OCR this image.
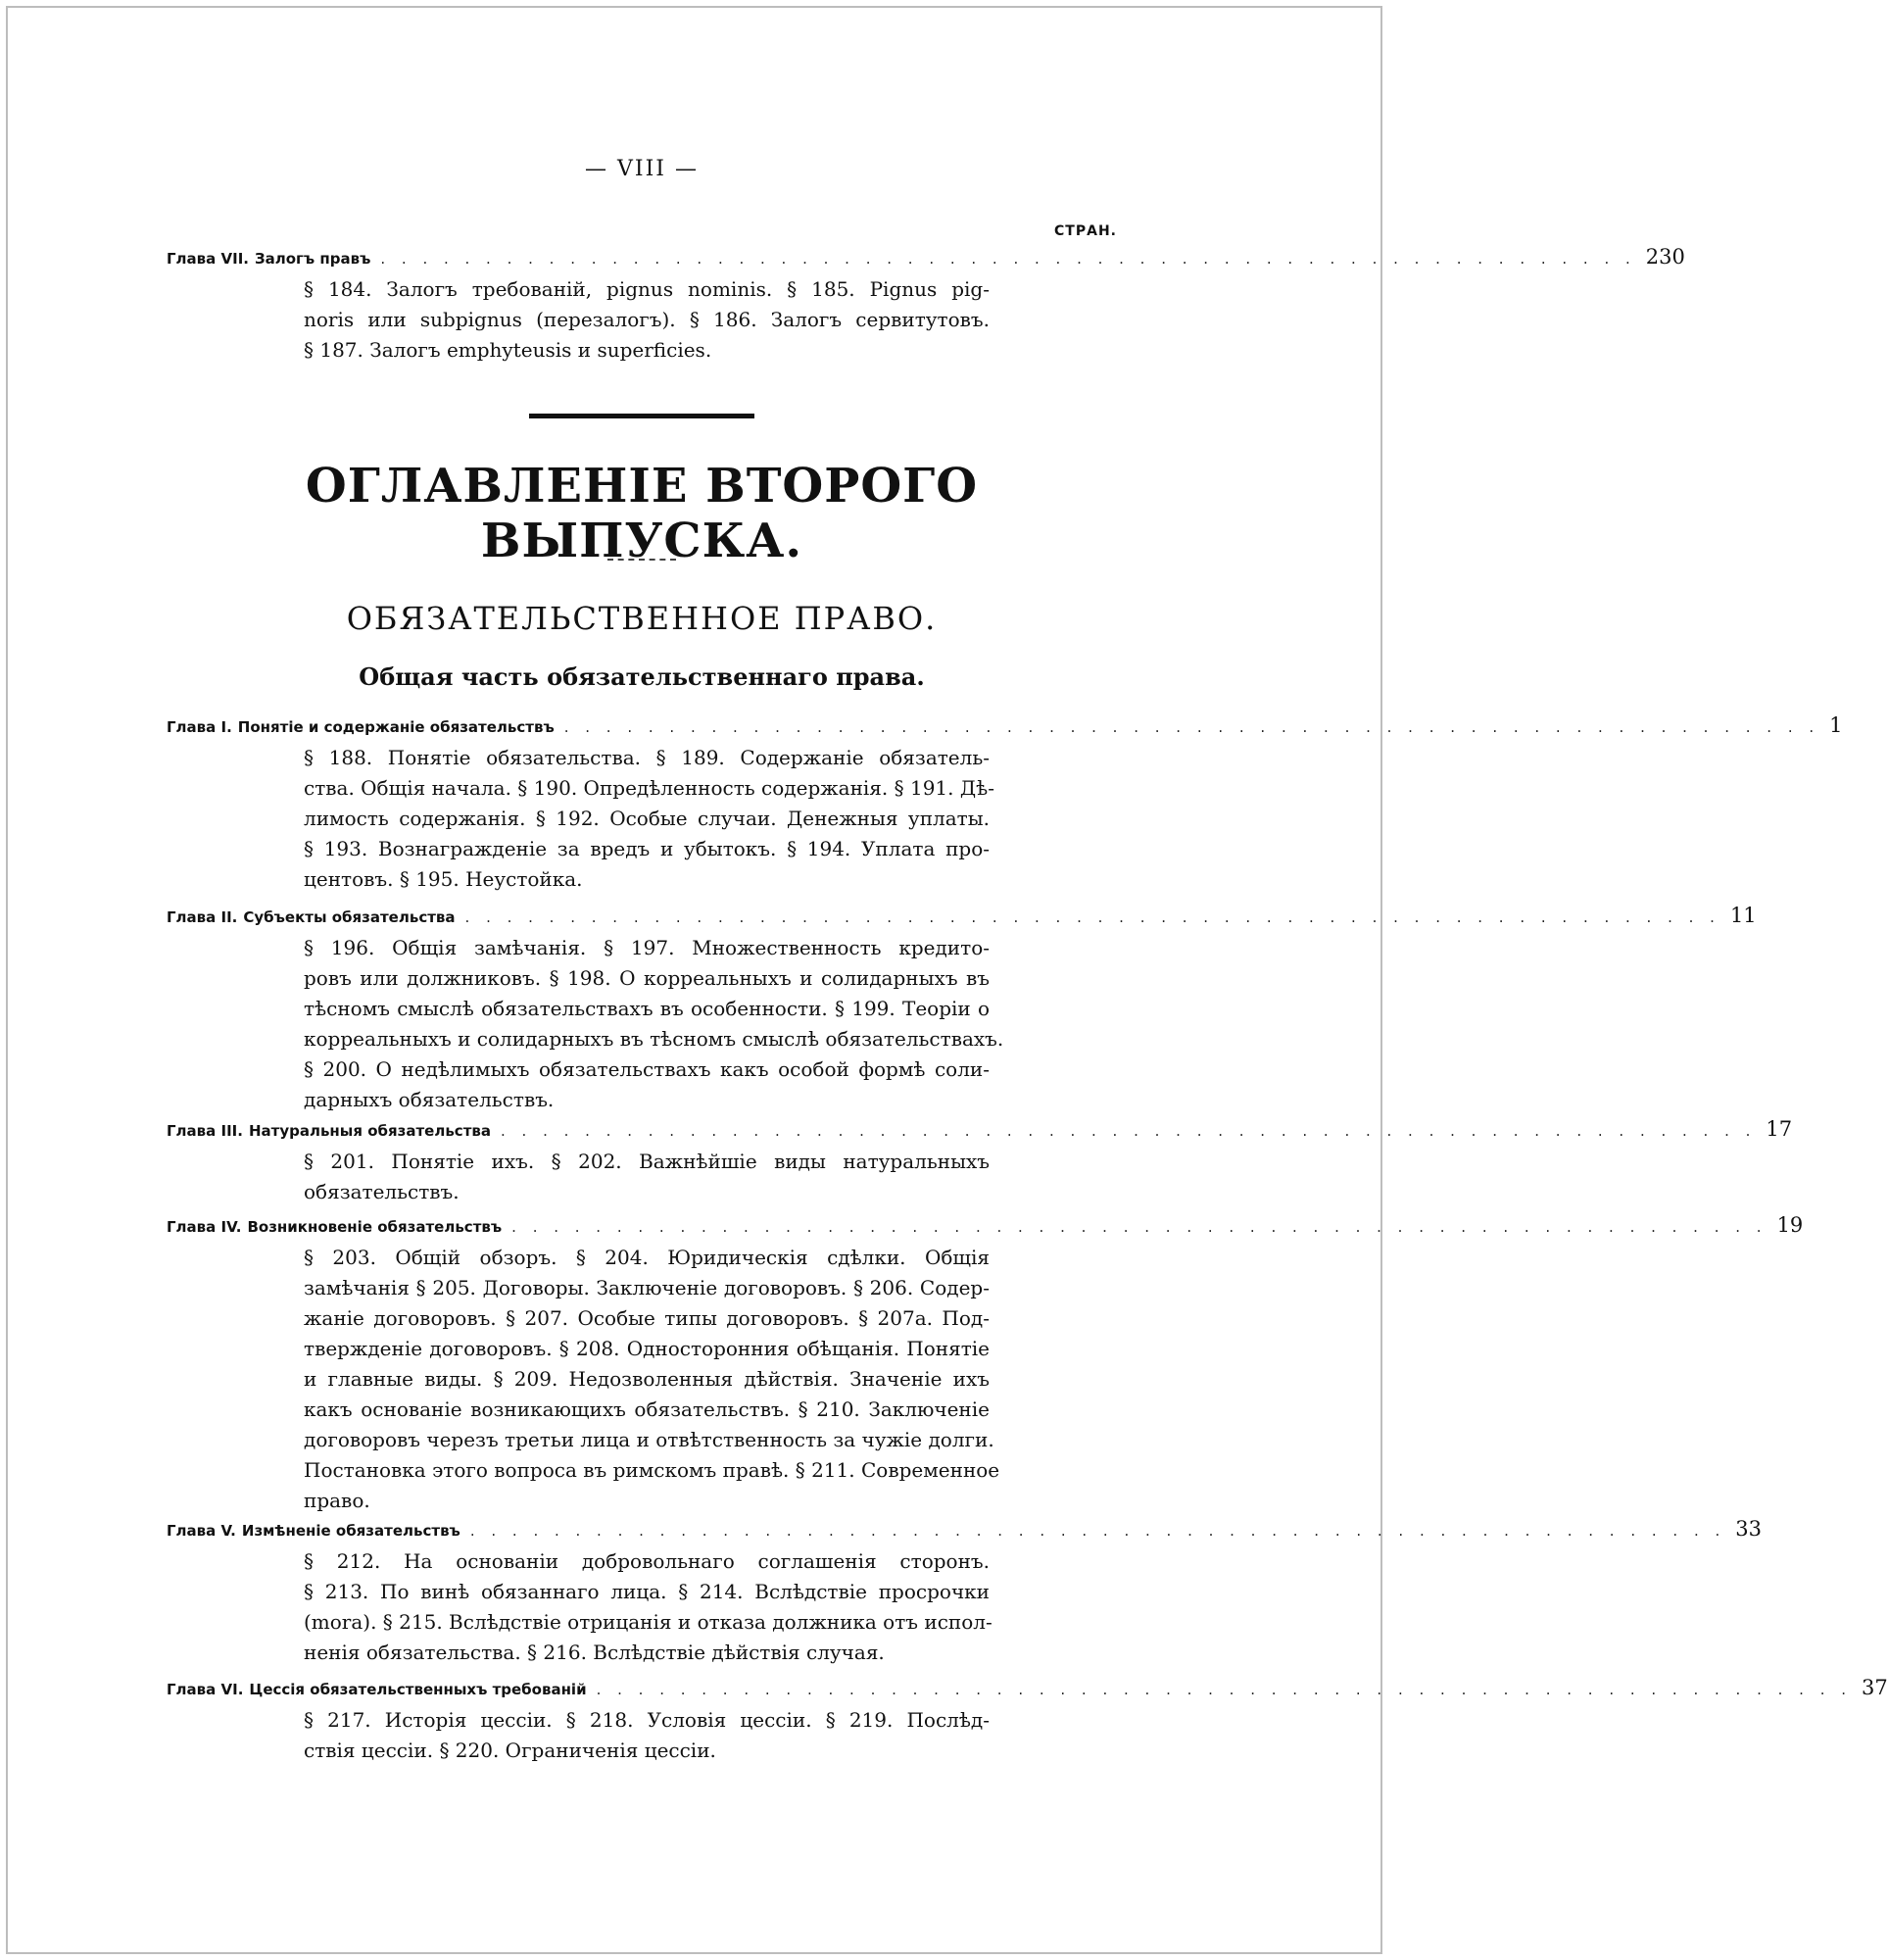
— VIII —
СТРАН.
Глава VII. Залогъ правъ . . . . . . . . . . . . . . . . . . . . . . . . . . . . . . . . . . . . . . . . . . . . . . . . . . . . . . . . . . . . 230
§ 184. Залогъ требованій, pignus nominis. § 185. Pignus pig-
noris или subpignus (перезалогъ). § 186. Залогъ сервитутовъ.
§ 187. Залогъ emphyteusis и superficies.
ОГЛАВЛЕНІЕ ВТОРОГО ВЫПУСКА.
ОБЯЗАТЕЛЬСТВЕННОЕ ПРАВО.
Общая часть обязательственнаго права.
Глава I. Понятіе и содержаніе обязательствъ . . . . . . . . . . . . . . . . . . . . . . . . . . . . . . . . . . . . . . . . . . . . . . . . . . . . . . . . . . . . 1
§ 188. Понятіе обязательства. § 189. Содержаніе обязатель-
ства. Общія начала. § 190. Опредѣленность содержанія. § 191. Дѣ-
лимость содержанія. § 192. Особые случаи. Денежныя уплаты.
§ 193. Вознагражденіе за вредъ и убытокъ. § 194. Уплата про-
центовъ. § 195. Неустойка.
Глава II. Субъекты обязательства . . . . . . . . . . . . . . . . . . . . . . . . . . . . . . . . . . . . . . . . . . . . . . . . . . . . . . . . . . . . 11
§ 196. Общія замѣчанія. § 197. Множественность кредито-
ровъ или должниковъ. § 198. О корреальныхъ и солидарныхъ въ
тѣсномъ смыслѣ обязательствахъ въ особенности. § 199. Теоріи о
корреальныхъ и солидарныхъ въ тѣсномъ смыслѣ обязательствахъ.
§ 200. О недѣлимыхъ обязательствахъ какъ особой формѣ соли-
дарныхъ обязательствъ.
Глава III. Натуральныя обязательства . . . . . . . . . . . . . . . . . . . . . . . . . . . . . . . . . . . . . . . . . . . . . . . . . . . . . . . . . . . . 17
§ 201. Понятіе ихъ. § 202. Важнѣйшіе виды натуральныхъ
обязательствъ.
Глава IV. Возникновеніе обязательствъ . . . . . . . . . . . . . . . . . . . . . . . . . . . . . . . . . . . . . . . . . . . . . . . . . . . . . . . . . . . . 19
§ 203. Общій обзоръ. § 204. Юридическія сдѣлки. Общія
замѣчанія § 205. Договоры. Заключеніе договоровъ. § 206. Содер-
жаніе договоровъ. § 207. Особые типы договоровъ. § 207а. Под-
твержденіе договоровъ. § 208. Односторонния обѣщанія. Понятіе
и главные виды. § 209. Недозволенныя дѣйствія. Значеніе ихъ
какъ основаніе возникающихъ обязательствъ. § 210. Заключеніе
договоровъ черезъ третьи лица и отвѣтственность за чужіе долги.
Постановка этого вопроса въ римскомъ правѣ. § 211. Современное
право.
Глава V. Измѣненіе обязательствъ . . . . . . . . . . . . . . . . . . . . . . . . . . . . . . . . . . . . . . . . . . . . . . . . . . . . . . . . . . . . 33
§ 212. На основаніи добровольнаго соглашенія сторонъ.
§ 213. По винѣ обязаннаго лица. § 214. Вслѣдствіе просрочки
(mora). § 215. Вслѣдствіе отрицанія и отказа должника отъ испол-
ненія обязательства. § 216. Вслѣдствіе дѣйствія случая.
Глава VI. Цессія обязательственныхъ требованій . . . . . . . . . . . . . . . . . . . . . . . . . . . . . . . . . . . . . . . . . . . . . . . . . . . . . . . . . . . . 37
§ 217. Исторія цессіи. § 218. Условія цессіи. § 219. Послѣд-
ствія цессіи. § 220. Ограниченія цессіи.
